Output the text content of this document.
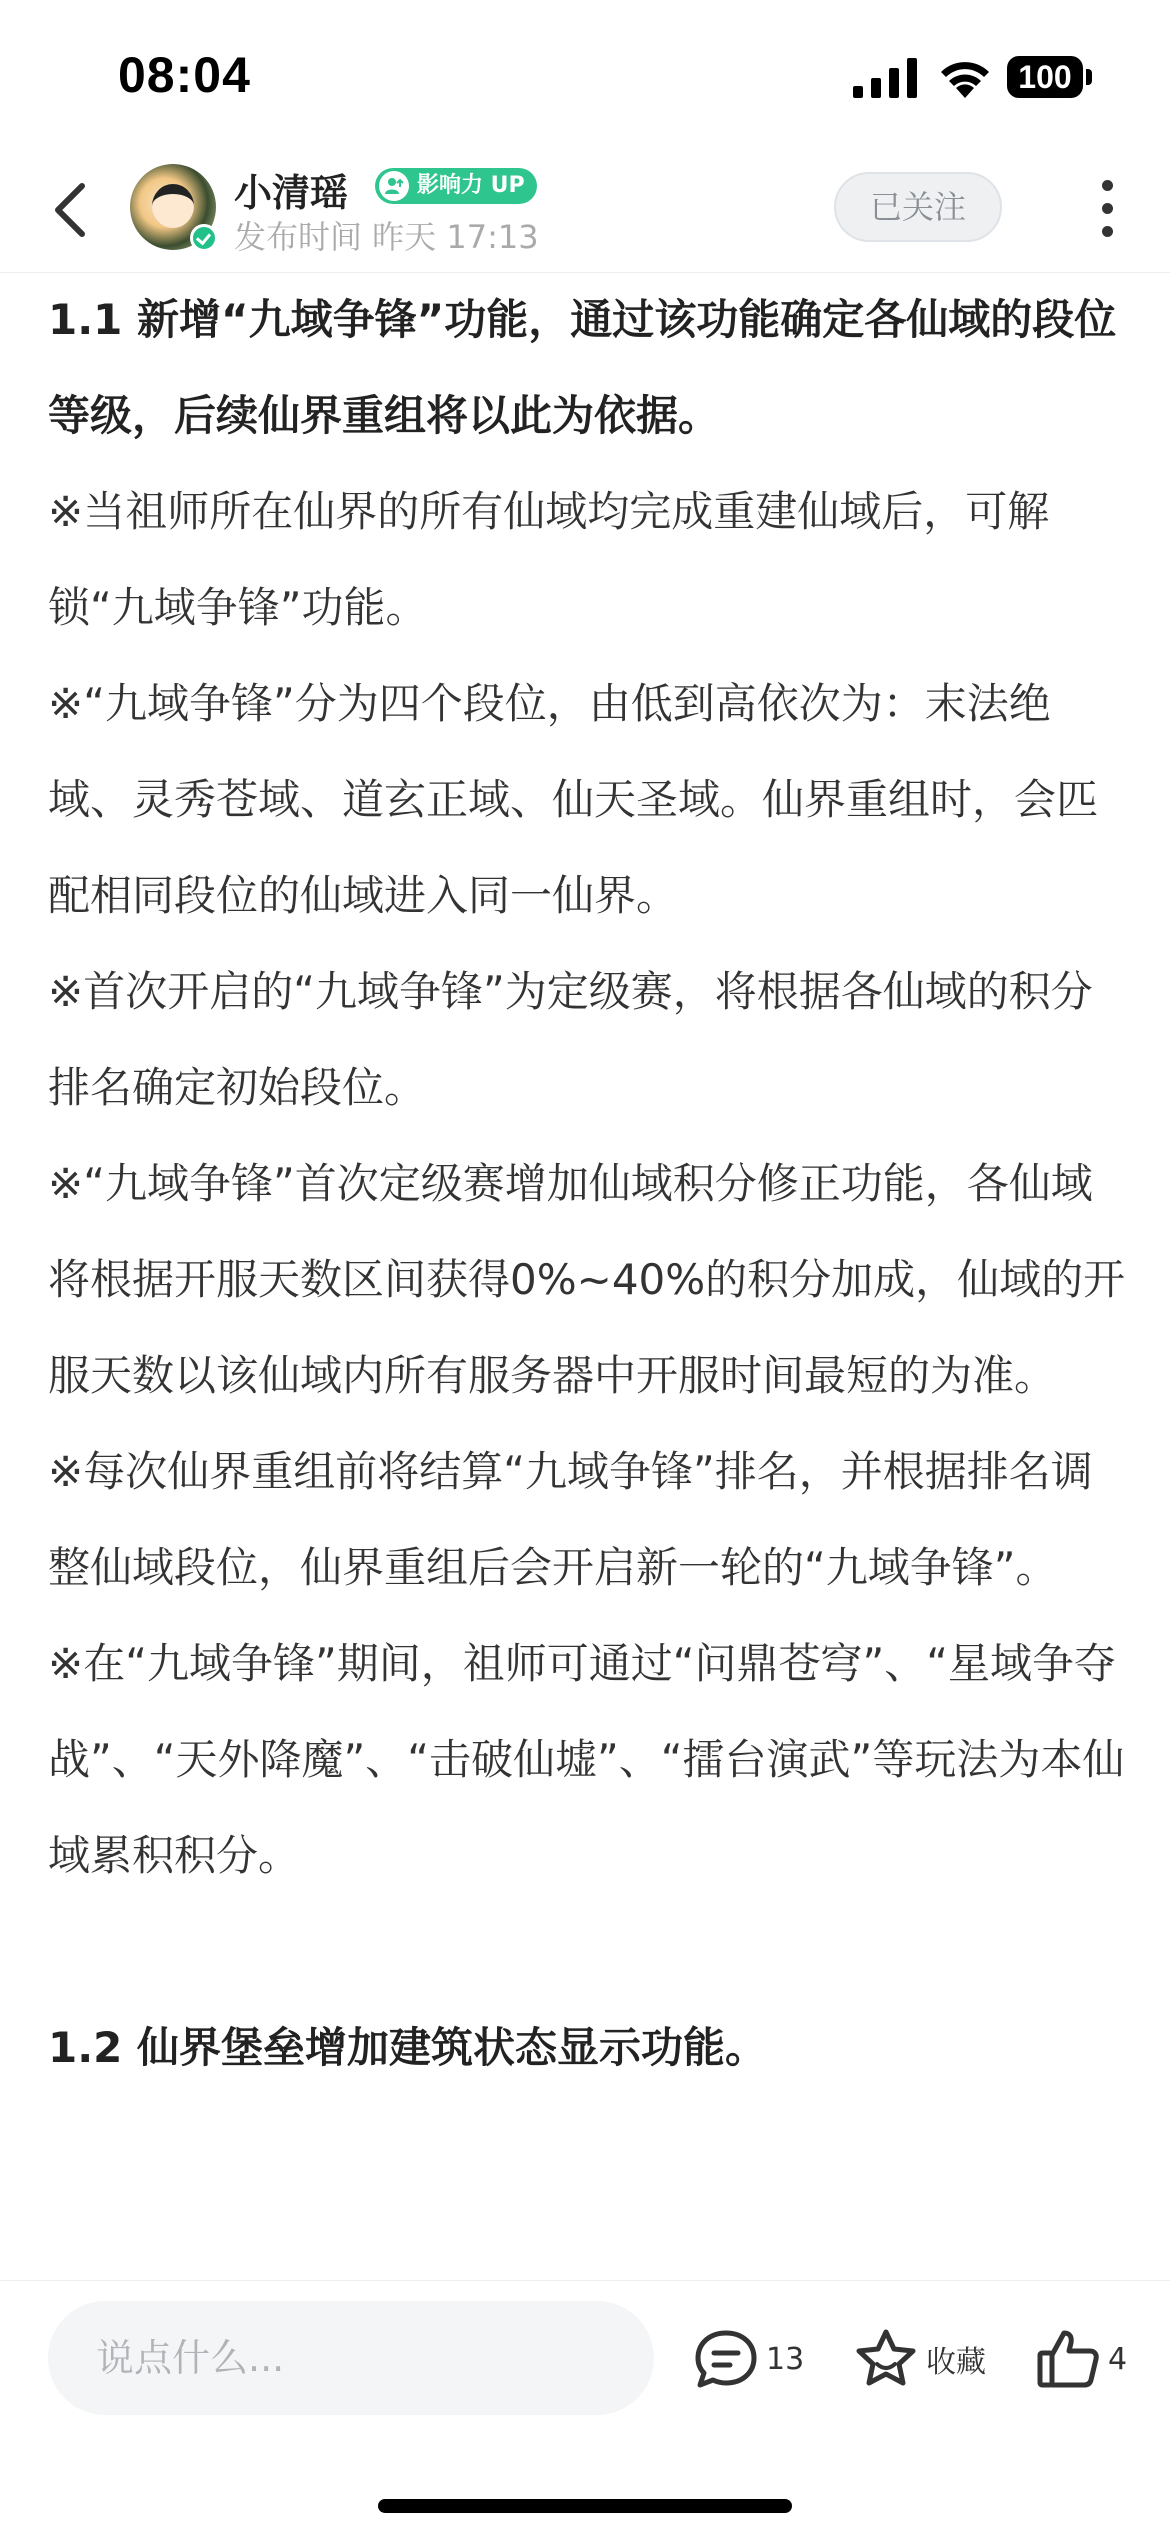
08:04	100
小清瑶	影响力 UP
发布时间 昨天 17:13
已关注

1.1 新增“九域争锋”功能，通过该功能确定各仙域的段位等级，后续仙界重组将以此为依据。

※当祖师所在仙界的所有仙域均完成重建仙域后，可解锁“九域争锋”功能。

※“九域争锋”分为四个段位，由低到高依次为：末法绝域、灵秀苍域、道玄正域、仙天圣域。仙界重组时，会匹配相同段位的仙域进入同一仙界。

※首次开启的“九域争锋”为定级赛，将根据各仙域的积分排名确定初始段位。

※“九域争锋”首次定级赛增加仙域积分修正功能，各仙域将根据开服天数区间获得0%~40%的积分加成，仙域的开服天数以该仙域内所有服务器中开服时间最短的为准。

※每次仙界重组前将结算“九域争锋”排名，并根据排名调整仙域段位，仙界重组后会开启新一轮的“九域争锋”。

※在“九域争锋”期间，祖师可通过“问鼎苍穹”、“星域争夺战”、“天外降魔”、“击破仙墟”、“擂台演武”等玩法为本仙域累积积分。

1.2 仙界堡垒增加建筑状态显示功能。

说点什么...
13	收藏	4
